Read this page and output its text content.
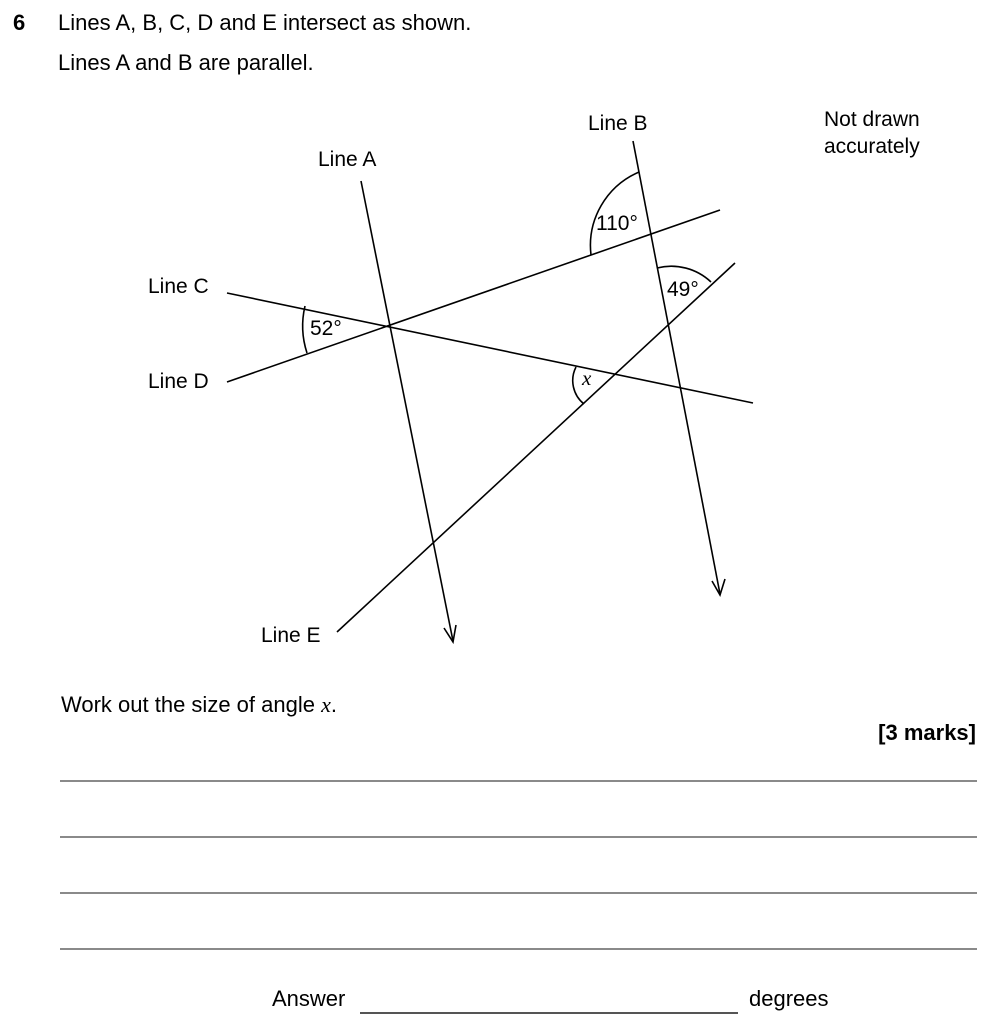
6 Lines A, B, C, D and E intersect as shown.
Lines A and B are parallel.
Line A
Line B
Line C
Line D
Line E
110°
49°
52°
x
Not drawn
accurately
Work out the size of angle x.
[3 marks]
Answer	degrees
